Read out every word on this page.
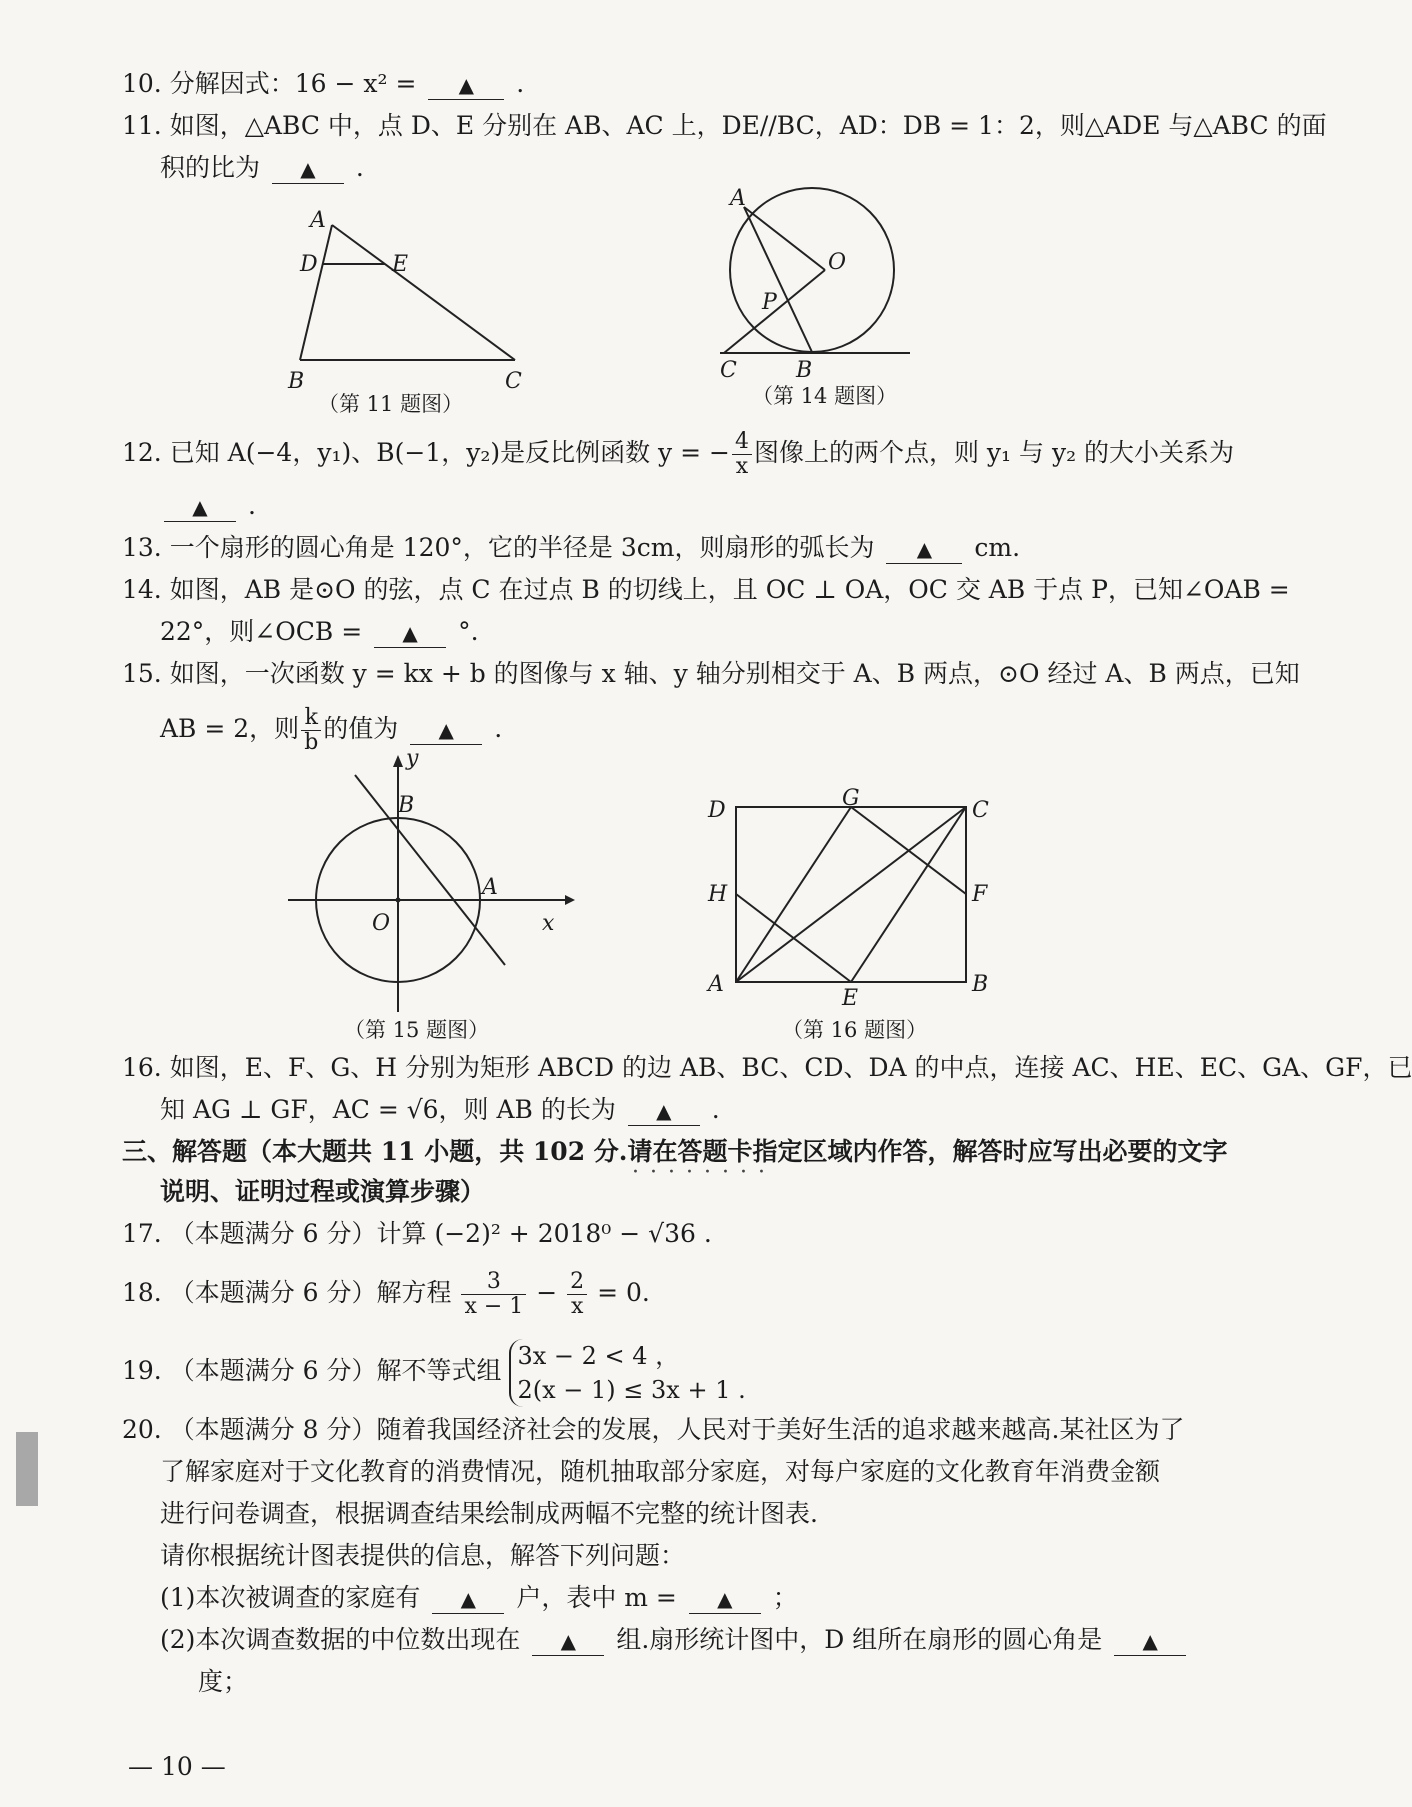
10. 分解因式：16 − x² = ▲ .
11. 如图，△ABC 中，点 D、E 分别在 AB、AC 上，DE//BC，AD：DB = 1：2，则△ADE 与△ABC 的面
积的比为 ▲ .
A
D	E
B	C
（第 11 题图）
A
O
P
C	B
（第 14 题图）
12. 已知 A(−4，y₁)、B(−1，y₂)是反比例函数 y = − $\frac{4}{x}$ 图像上的两个点，则 y₁ 与 y₂ 的大小关系为
▲ .
13. 一个扇形的圆心角是 120°，它的半径是 3cm，则扇形的弧长为 ▲ cm.
14. 如图，AB 是⊙O 的弦，点 C 在过点 B 的切线上，且 OC ⊥ OA，OC 交 AB 于点 P，已知∠OAB =
22°，则∠OCB = ▲ °.
15. 如图，一次函数 y = kx + b 的图像与 x 轴、y 轴分别相交于 A、B 两点，⊙O 经过 A、B 两点，已知
AB = 2，则 $\frac{k}{b}$ 的值为 ▲ .
y
B
A
O	x
（第 15 题图）
D	G	C
H	F
A
E
B
（第 16 题图）
16. 如图，E、F、G、H 分别为矩形 ABCD 的边 AB、BC、CD、DA 的中点，连接 AC、HE、EC、GA、GF，已
知 AG ⊥ GF，AC = √6，则 AB 的长为 ▲ .
三、解答题（本大题共 11 小题，共 102 分.请在答题卡指定区域内作答，解答时应写出必要的文字
········
说明、证明过程或演算步骤）
17. （本题满分 6 分）计算 (−2)² + 2018⁰ − √36 .
18. （本题满分 6 分）解方程 $\frac{3}{x - 1} - \frac{2}{x} = 0$.
19. （本题满分 6 分）解不等式组
3x − 2 < 4 ，
2(x − 1) ≤ 3x + 1 .
20. （本题满分 8 分）随着我国经济社会的发展，人民对于美好生活的追求越来越高.某社区为了
了解家庭对于文化教育的消费情况，随机抽取部分家庭，对每户家庭的文化教育年消费金额
进行问卷调查，根据调查结果绘制成两幅不完整的统计图表.
请你根据统计图表提供的信息，解答下列问题：
(1)本次被调查的家庭有 ▲ 户，表中 m = ▲ ；
(2)本次调查数据的中位数出现在 ▲ 组.扇形统计图中，D 组所在扇形的圆心角是 ▲
度；
— 10 —
